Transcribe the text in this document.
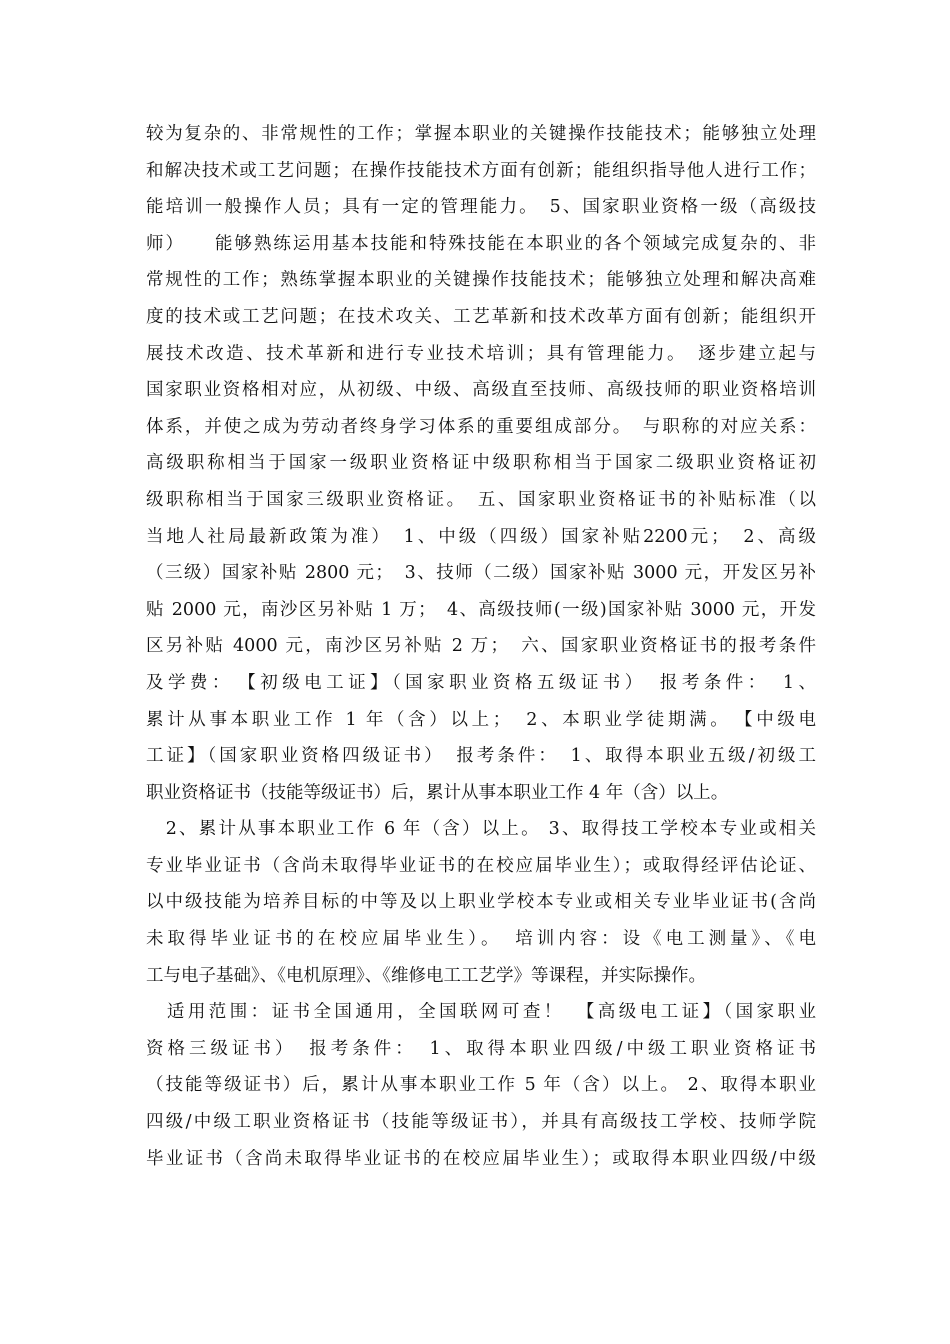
较为复杂的、非常规性的工作；掌握本职业的关键操作技能技术；能够独立处理
和解决技术或工艺问题；在操作技能技术方面有创新；能组织指导他人进行工作；
能培训一般操作人员；具有一定的管理能力。　5、国家职业资格一级（高级技
师）　　能够熟练运用基本技能和特殊技能在本职业的各个领域完成复杂的、非
常规性的工作；熟练掌握本职业的关键操作技能技术；能够独立处理和解决高难
度的技术或工艺问题；在技术攻关、工艺革新和技术改革方面有创新；能组织开
展技术改造、技术革新和进行专业技术培训；具有管理能力。　逐步建立起与
国家职业资格相对应，从初级、中级、高级直至技师、高级技师的职业资格培训
体系，并使之成为劳动者终身学习体系的重要组成部分。　与职称的对应关系：
高级职称相当于国家一级职业资格证中级职称相当于国家二级职业资格证初
级职称相当于国家三级职业资格证。　五、国家职业资格证书的补贴标准（以
当地人社局最新政策为准）　1、中级（四级）国家补贴2200元；　2、高级
（三级）国家补贴 2800 元；　3、技师（二级）国家补贴 3000 元，开发区另补
贴 2000 元，南沙区另补贴 1 万；　4、高级技师(一级)国家补贴 3000 元，开发
区另补贴 4000 元，南沙区另补贴 2 万；　六、国家职业资格证书的报考条件
及学费：　【初级电工证】（国家职业资格五级证书）　报考条件：　1、
累计从事本职业工作 1 年（含）以上；　2、本职业学徒期满。　【中级电
工证】（国家职业资格四级证书）　报考条件：　1、取得本职业五级/初级工
职业资格证书（技能等级证书）后，累计从事本职业工作 4 年（含）以上。
　2、累计从事本职业工作 6 年（含）以上。 3、取得技工学校本专业或相关
专业毕业证书（含尚未取得毕业证书的在校应届毕业生）；或取得经评估论证、
以中级技能为培养目标的中等及以上职业学校本专业或相关专业毕业证书(含尚
未取得毕业证书的在校应届毕业生）。　培训内容：设《电工测量》、《电
工与电子基础》、《电机原理》、《维修电工工艺学》等课程，并实际操作。
　适用范围：证书全国通用，全国联网可查！　【高级电工证】（国家职业
资格三级证书）　报考条件：　1、取得本职业四级/中级工职业资格证书
（技能等级证书）后，累计从事本职业工作 5 年（含）以上。 2、取得本职业
四级/中级工职业资格证书（技能等级证书），并具有高级技工学校、技师学院
毕业证书（含尚未取得毕业证书的在校应届毕业生）；或取得本职业四级/中级
